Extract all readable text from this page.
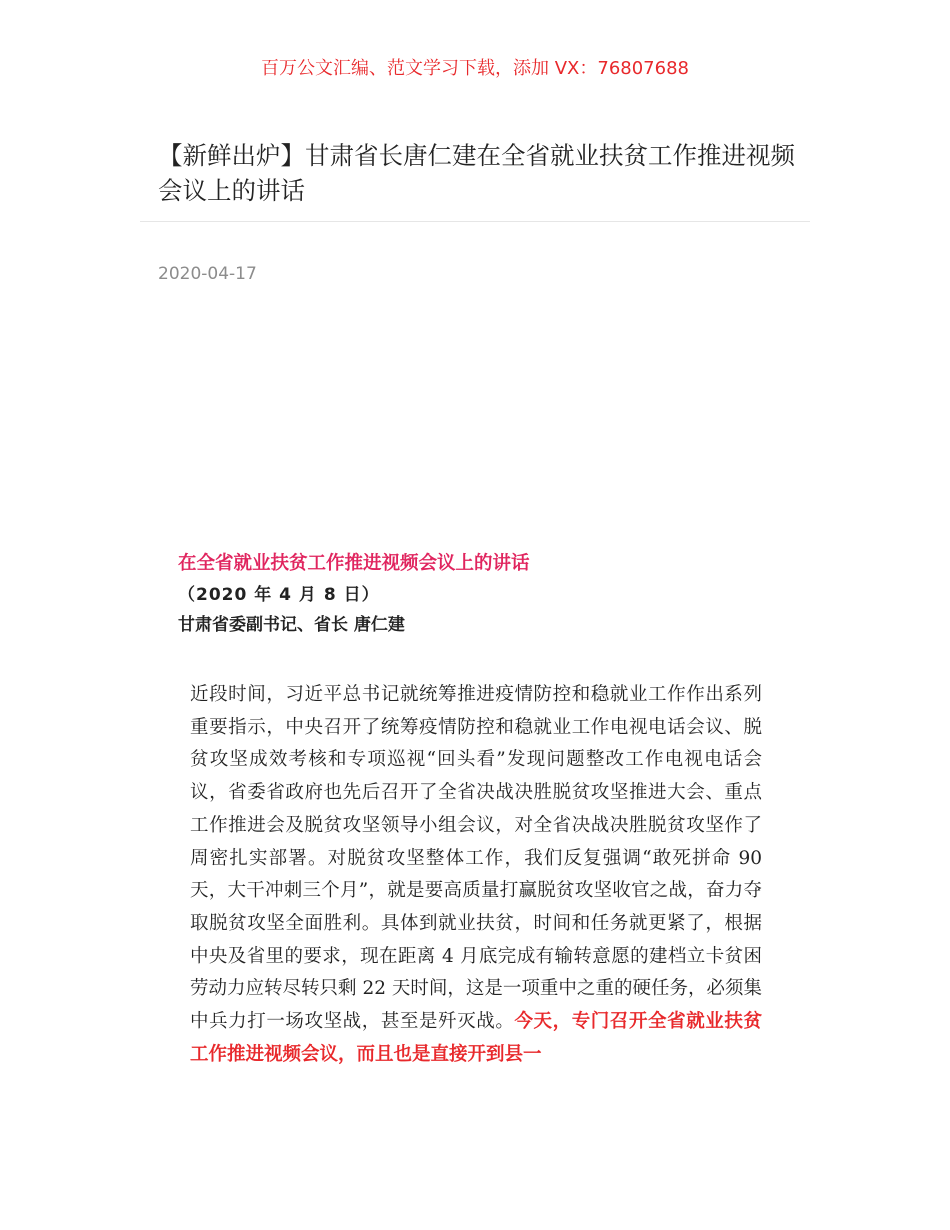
百万公文汇编、范文学习下载，添加 VX：76807688
【新鲜出炉】甘肃省长唐仁建在全省就业扶贫工作推进视频会议上的讲话
2020-04-17

在全省就业扶贫工作推进视频会议上的讲话

（2020 年 4 月 8 日）

甘肃省委副书记、省长 唐仁建

近段时间，习近平总书记就统筹推进疫情防控和稳就业工作作出系列重要指示，中央召开了统筹疫情防控和稳就业工作电视电话会议、脱贫攻坚成效考核和专项巡视“回头看”发现问题整改工作电视电话会议，省委省政府也先后召开了全省决战决胜脱贫攻坚推进大会、重点工作推进会及脱贫攻坚领导小组会议，对全省决战决胜脱贫攻坚作了周密扎实部署。对脱贫攻坚整体工作，我们反复强调“敢死拼命 90 天，大干冲刺三个月”，就是要高质量打赢脱贫攻坚收官之战，奋力夺取脱贫攻坚全面胜利。具体到就业扶贫，时间和任务就更紧了，根据中央及省里的要求，现在距离 4 月底完成有输转意愿的建档立卡贫困劳动力应转尽转只剩 22 天时间，这是一项重中之重的硬任务，必须集中兵力打一场攻坚战，甚至是歼灭战。今天，专门召开全省就业扶贫工作推进视频会议，而且也是直接开到县一
